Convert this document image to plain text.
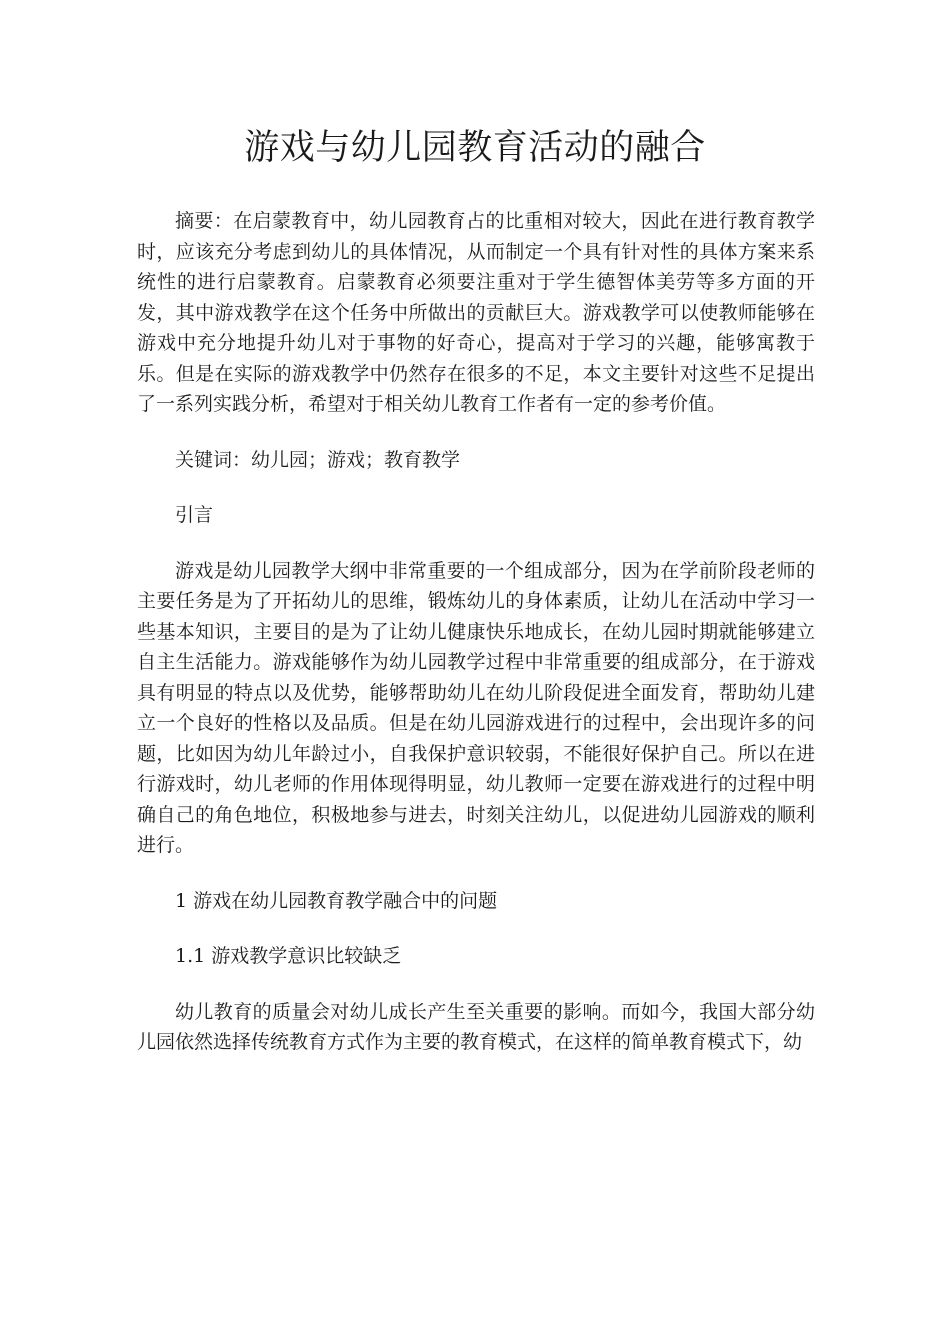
游戏与幼儿园教育活动的融合

摘要：在启蒙教育中，幼儿园教育占的比重相对较大，因此在进行教育教学时，应该充分考虑到幼儿的具体情况，从而制定一个具有针对性的具体方案来系统性的进行启蒙教育。启蒙教育必须要注重对于学生德智体美劳等多方面的开发，其中游戏教学在这个任务中所做出的贡献巨大。游戏教学可以使教师能够在游戏中充分地提升幼儿对于事物的好奇心，提高对于学习的兴趣，能够寓教于乐。但是在实际的游戏教学中仍然存在很多的不足，本文主要针对这些不足提出了一系列实践分析，希望对于相关幼儿教育工作者有一定的参考价值。

关键词：幼儿园；游戏；教育教学

引言

游戏是幼儿园教学大纲中非常重要的一个组成部分，因为在学前阶段老师的主要任务是为了开拓幼儿的思维，锻炼幼儿的身体素质，让幼儿在活动中学习一些基本知识，主要目的是为了让幼儿健康快乐地成长，在幼儿园时期就能够建立自主生活能力。游戏能够作为幼儿园教学过程中非常重要的组成部分，在于游戏具有明显的特点以及优势，能够帮助幼儿在幼儿阶段促进全面发育，帮助幼儿建立一个良好的性格以及品质。但是在幼儿园游戏进行的过程中，会出现许多的问题，比如因为幼儿年龄过小，自我保护意识较弱，不能很好保护自己。所以在进行游戏时，幼儿老师的作用体现得明显，幼儿教师一定要在游戏进行的过程中明确自己的角色地位，积极地参与进去，时刻关注幼儿，以促进幼儿园游戏的顺利进行。

1 游戏在幼儿园教育教学融合中的问题

1.1 游戏教学意识比较缺乏

幼儿教育的质量会对幼儿成长产生至关重要的影响。而如今，我国大部分幼儿园依然选择传统教育方式作为主要的教育模式，在这样的简单教育模式下，幼
